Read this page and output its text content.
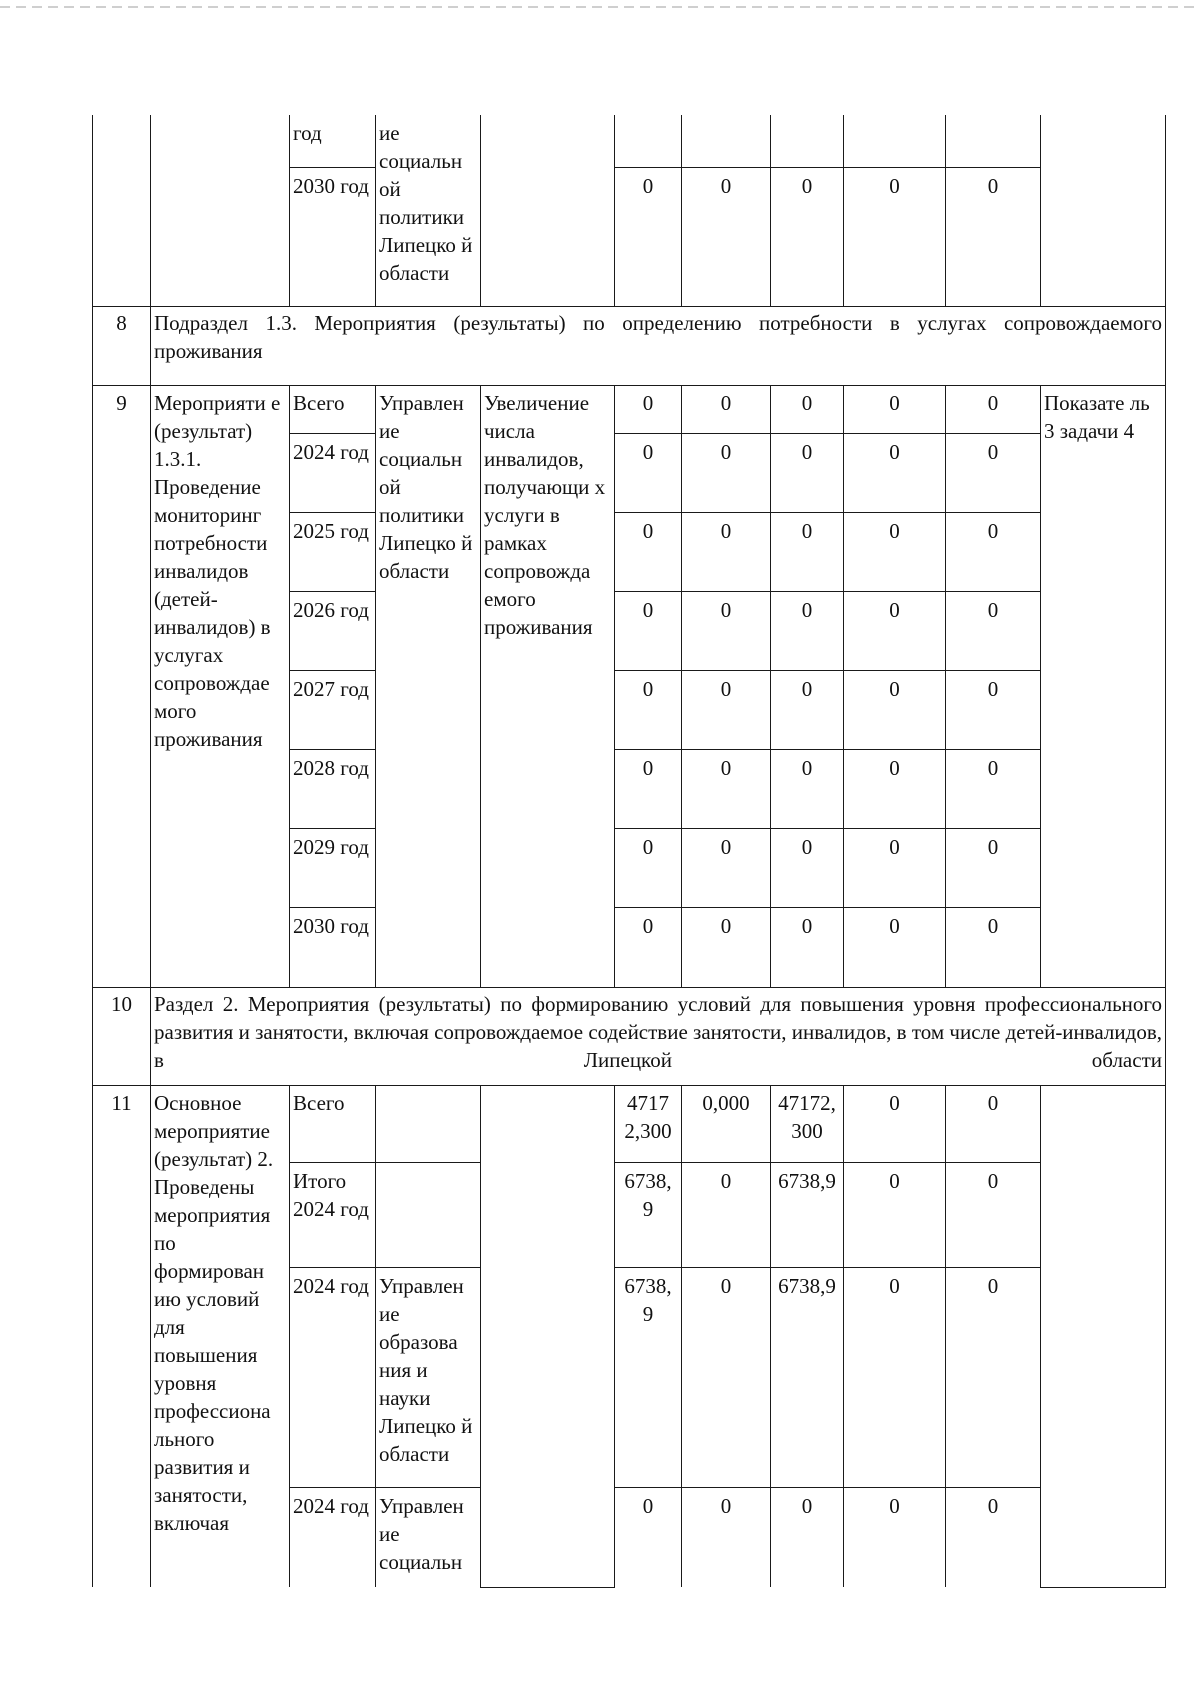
		год	ие социальн ой политики Липецко й области							
		2030 год			0	0	0	0	0	
8	Подраздел 1.3. Мероприятия (результаты) по определению потребности в услугах сопровождаемого проживания
9	Мероприяти е (результат) 1.3.1. Проведение мониторинг потребности инвалидов (детей- инвалидов) в услугах сопровождае мого проживания	Всего	Управлен ие социальн ой политики Липецко й области	Увеличение числа инвалидов, получающи х услуги в рамках сопровожда емого проживания	0	0	0	0	0	Показате ль 3 задачи 4
		2024 год			0	0	0	0	0	
		2025 год			0	0	0	0	0	
		2026 год			0	0	0	0	0	
		2027 год			0	0	0	0	0	
		2028 год			0	0	0	0	0	
		2029 год			0	0	0	0	0	
		2030 год			0	0	0	0	0	
10	Раздел 2. Мероприятия (результаты) по формированию условий для повышения уровня профессионального развития и занятости, включая сопровождаемое содействие занятости, инвалидов, в том числе детей-инвалидов, в Липецкой области
11	Основное мероприятие (результат) 2. Проведены мероприятия по формирован ию условий для повышения уровня профессиона льного развития и занятости, включая	Всего			4717 2,300	0,000	47172, 300	0	0	
		Итого 2024 год			6738, 9	0	6738,9	0	0	
		2024 год	Управлен ие образова ния и науки Липецко й области		6738, 9	0	6738,9	0	0	
		2024 год	Управлен ие социальн		0	0	0	0	0	
